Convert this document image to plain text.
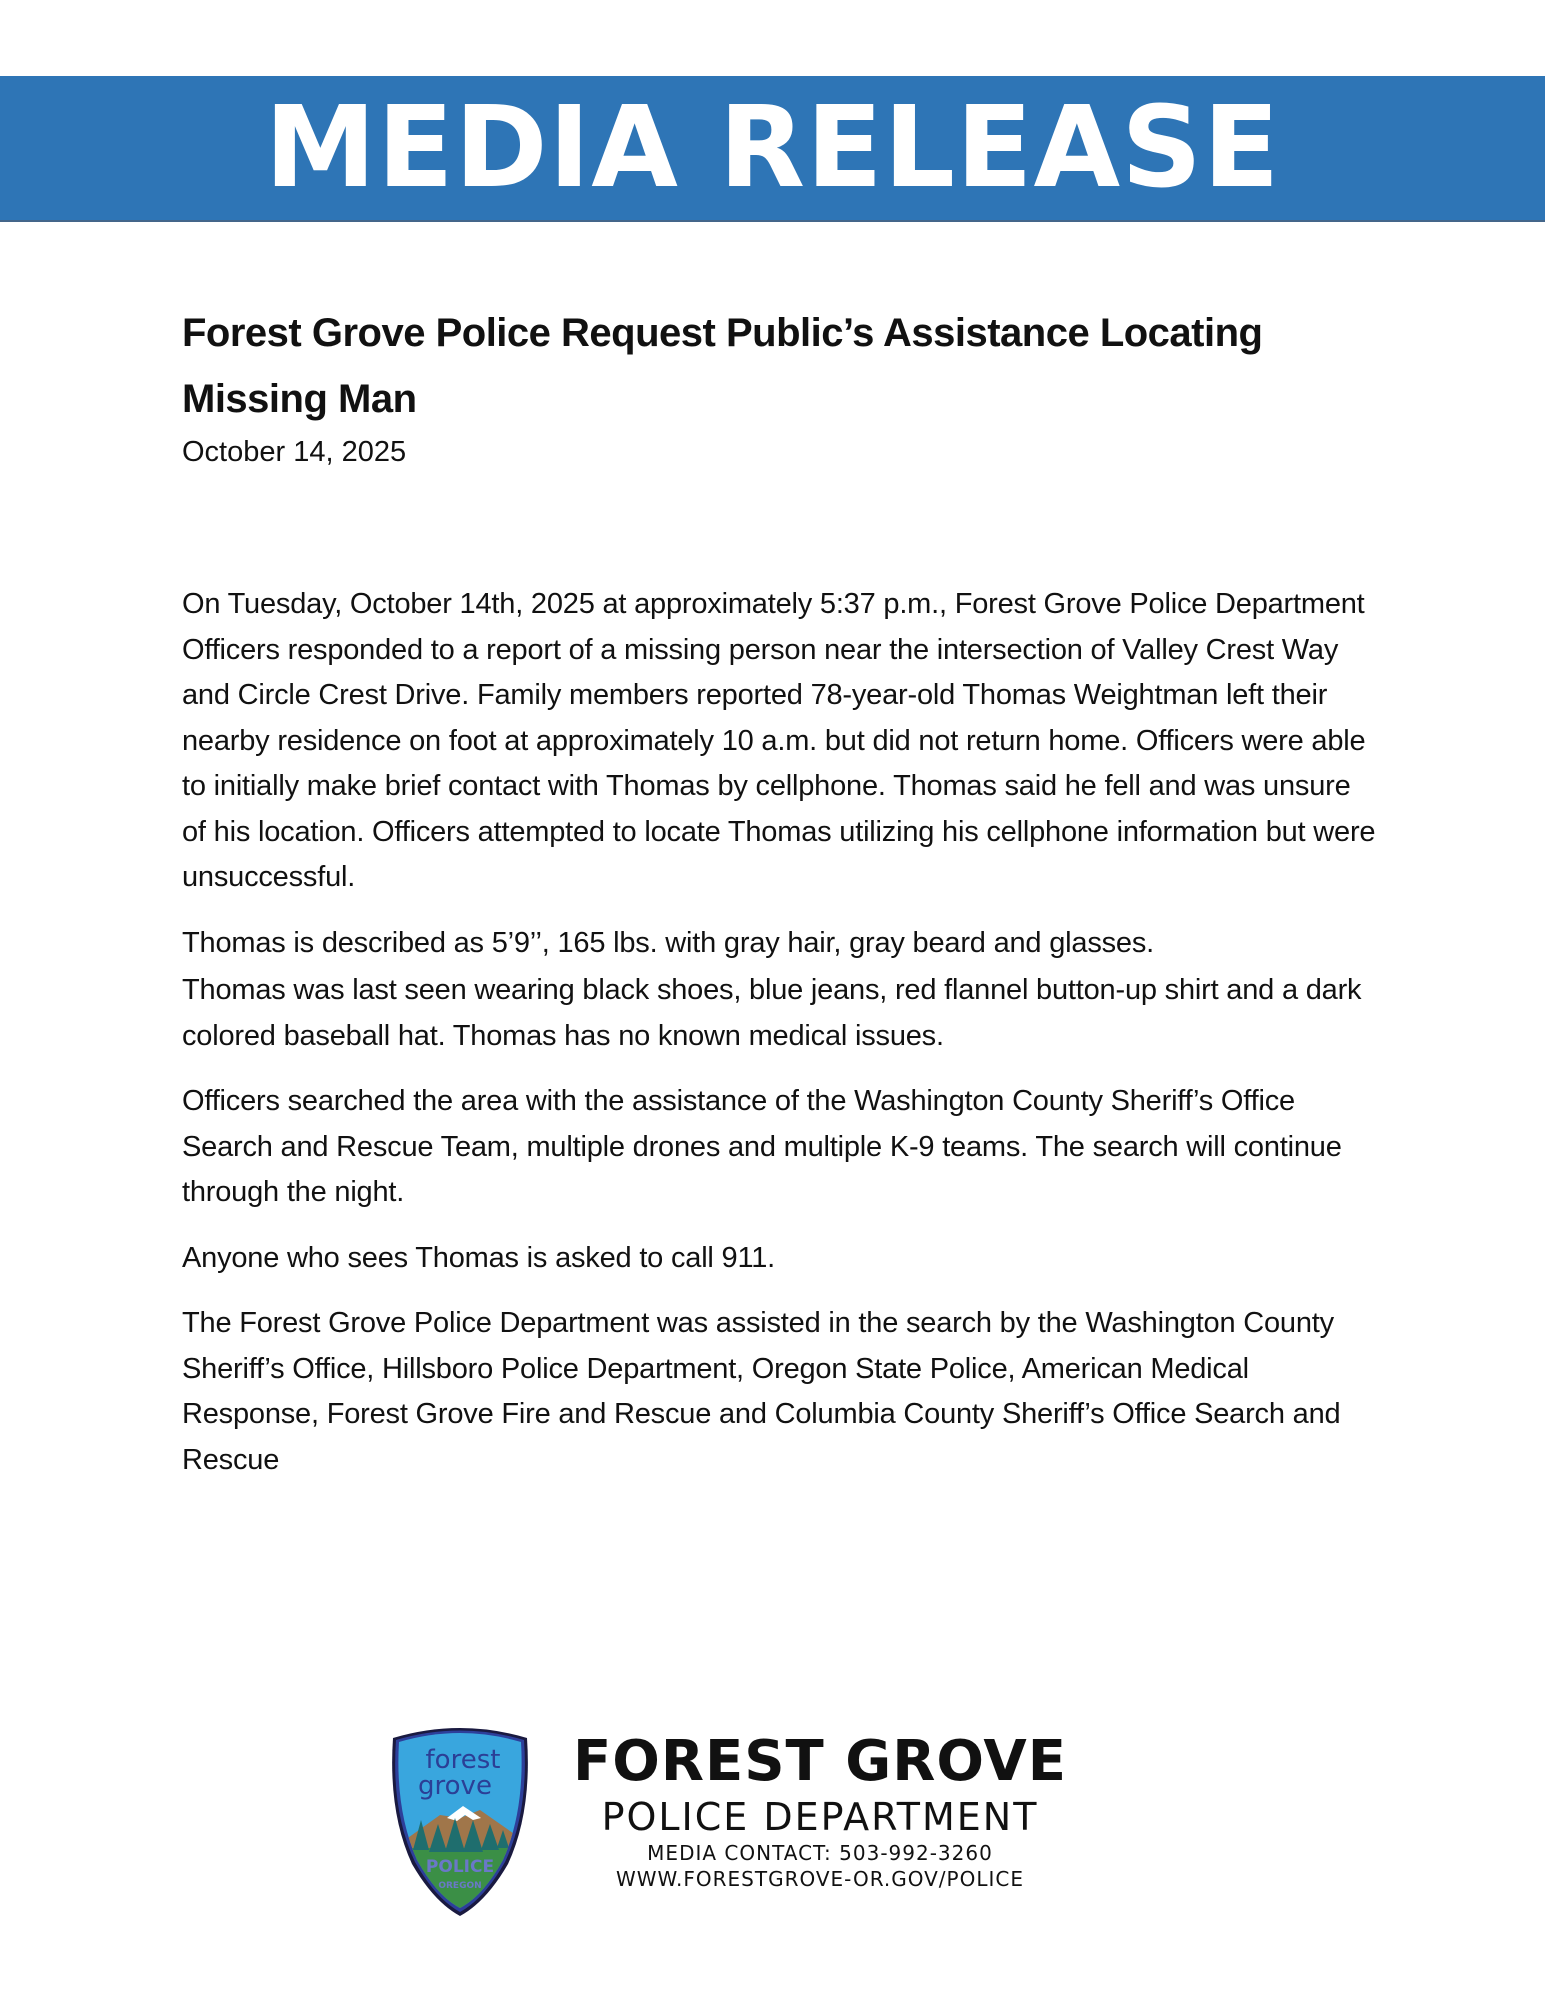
MEDIA RELEASE
Forest Grove Police Request Public’s Assistance Locating
Missing Man

October 14, 2025

On Tuesday, October 14th, 2025 at approximately 5:37 p.m., Forest Grove Police Department Officers responded to a report of a missing person near the intersection of Valley Crest Way and Circle Crest Drive. Family members reported 78-year-old Thomas Weightman left their nearby residence on foot at approximately 10 a.m. but did not return home. Officers were able to initially make brief contact with Thomas by cellphone. Thomas said he fell and was unsure of his location. Officers attempted to locate Thomas utilizing his cellphone information but were unsuccessful.

Thomas is described as 5’9’’, 165 lbs. with gray hair, gray beard and glasses.

Thomas was last seen wearing black shoes, blue jeans, red flannel button-up shirt and a dark colored baseball hat. Thomas has no known medical issues.

Officers searched the area with the assistance of the Washington County Sheriff’s Office Search and Rescue Team, multiple drones and multiple K-9 teams. The search will continue through the night.

Anyone who sees Thomas is asked to call 911.

The Forest Grove Police Department was assisted in the search by the Washington County Sheriff’s Office, Hillsboro Police Department, Oregon State Police, American Medical Response, Forest Grove Fire and Rescue and Columbia County Sheriff’s Office Search and Rescue

forest
grove
POLICE
OREGON
FOREST GROVE
POLICE DEPARTMENT
MEDIA CONTACT: 503-992-3260
WWW.FORESTGROVE-OR.GOV/POLICE
